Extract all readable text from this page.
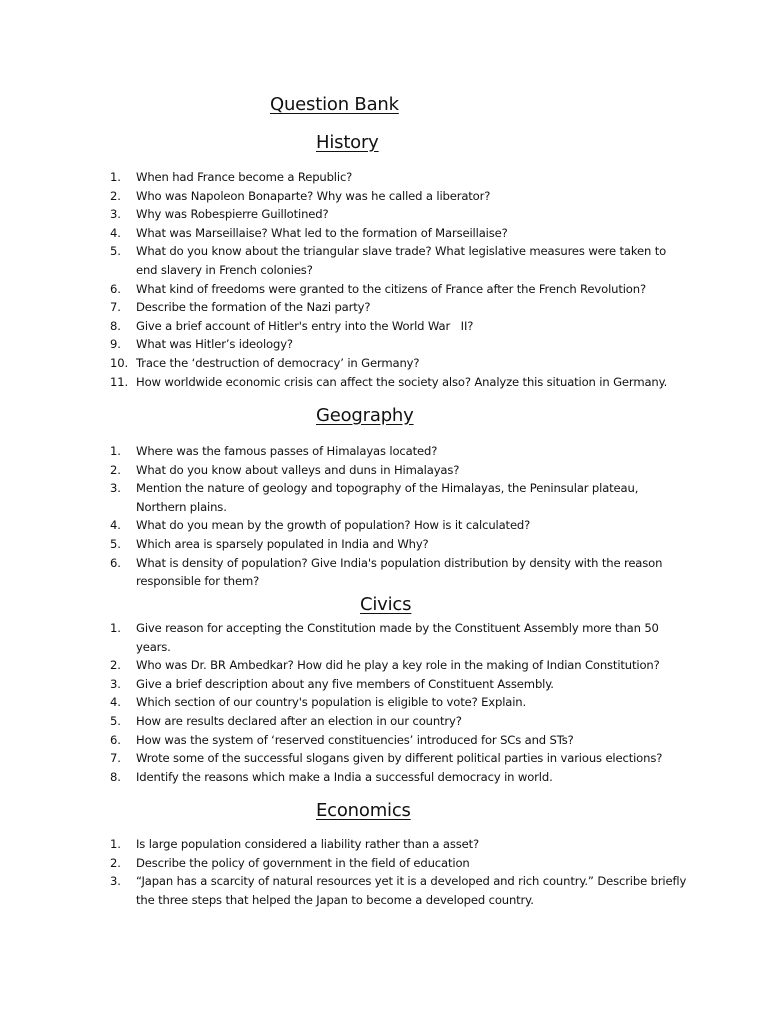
Question Bank
History
1.	When had France become a Republic?
2.	Who was Napoleon Bonaparte? Why was he called a liberator?
3.	Why was Robespierre Guillotined?
4.	What was Marseillaise? What led to the formation of Marseillaise?
5.	What do you know about the triangular slave trade? What legislative measures were taken to end slavery in French colonies?
6.	What kind of freedoms were granted to the citizens of France after the French Revolution?
7.	Describe the formation of the Nazi party?
8.	Give a brief account of Hitler's entry into the World War   II?
9.	What was Hitler’s ideology?
10. Trace the ‘destruction of democracy’ in Germany?
11. How worldwide economic crisis can affect the society also? Analyze this situation in Germany.
Geography
1.	Where was the famous passes of Himalayas located?
2.	What do you know about valleys and duns in Himalayas?
3.	Mention the nature of geology and topography of the Himalayas, the Peninsular plateau, Northern plains.
4.	What do you mean by the growth of population? How is it calculated?
5.	Which area is sparsely populated in India and Why?
6.	What is density of population? Give India's population distribution by density with the reason responsible for them?
Civics
1.	Give reason for accepting the Constitution made by the Constituent Assembly more than 50 years.
2.	Who was Dr. BR Ambedkar? How did he play a key role in the making of Indian Constitution?
3.	Give a brief description about any five members of Constituent Assembly.
4.	Which section of our country's population is eligible to vote? Explain.
5.	How are results declared after an election in our country?
6.	How was the system of ‘reserved constituencies’ introduced for SCs and STs?
7.	Wrote some of the successful slogans given by different political parties in various elections?
8.	Identify the reasons which make a India a successful democracy in world.
Economics
1.	Is large population considered a liability rather than a asset?
2.	Describe the policy of government in the field of education
3.	“Japan has a scarcity of natural resources yet it is a developed and rich country.” Describe briefly the three steps that helped the Japan to become a developed country.
